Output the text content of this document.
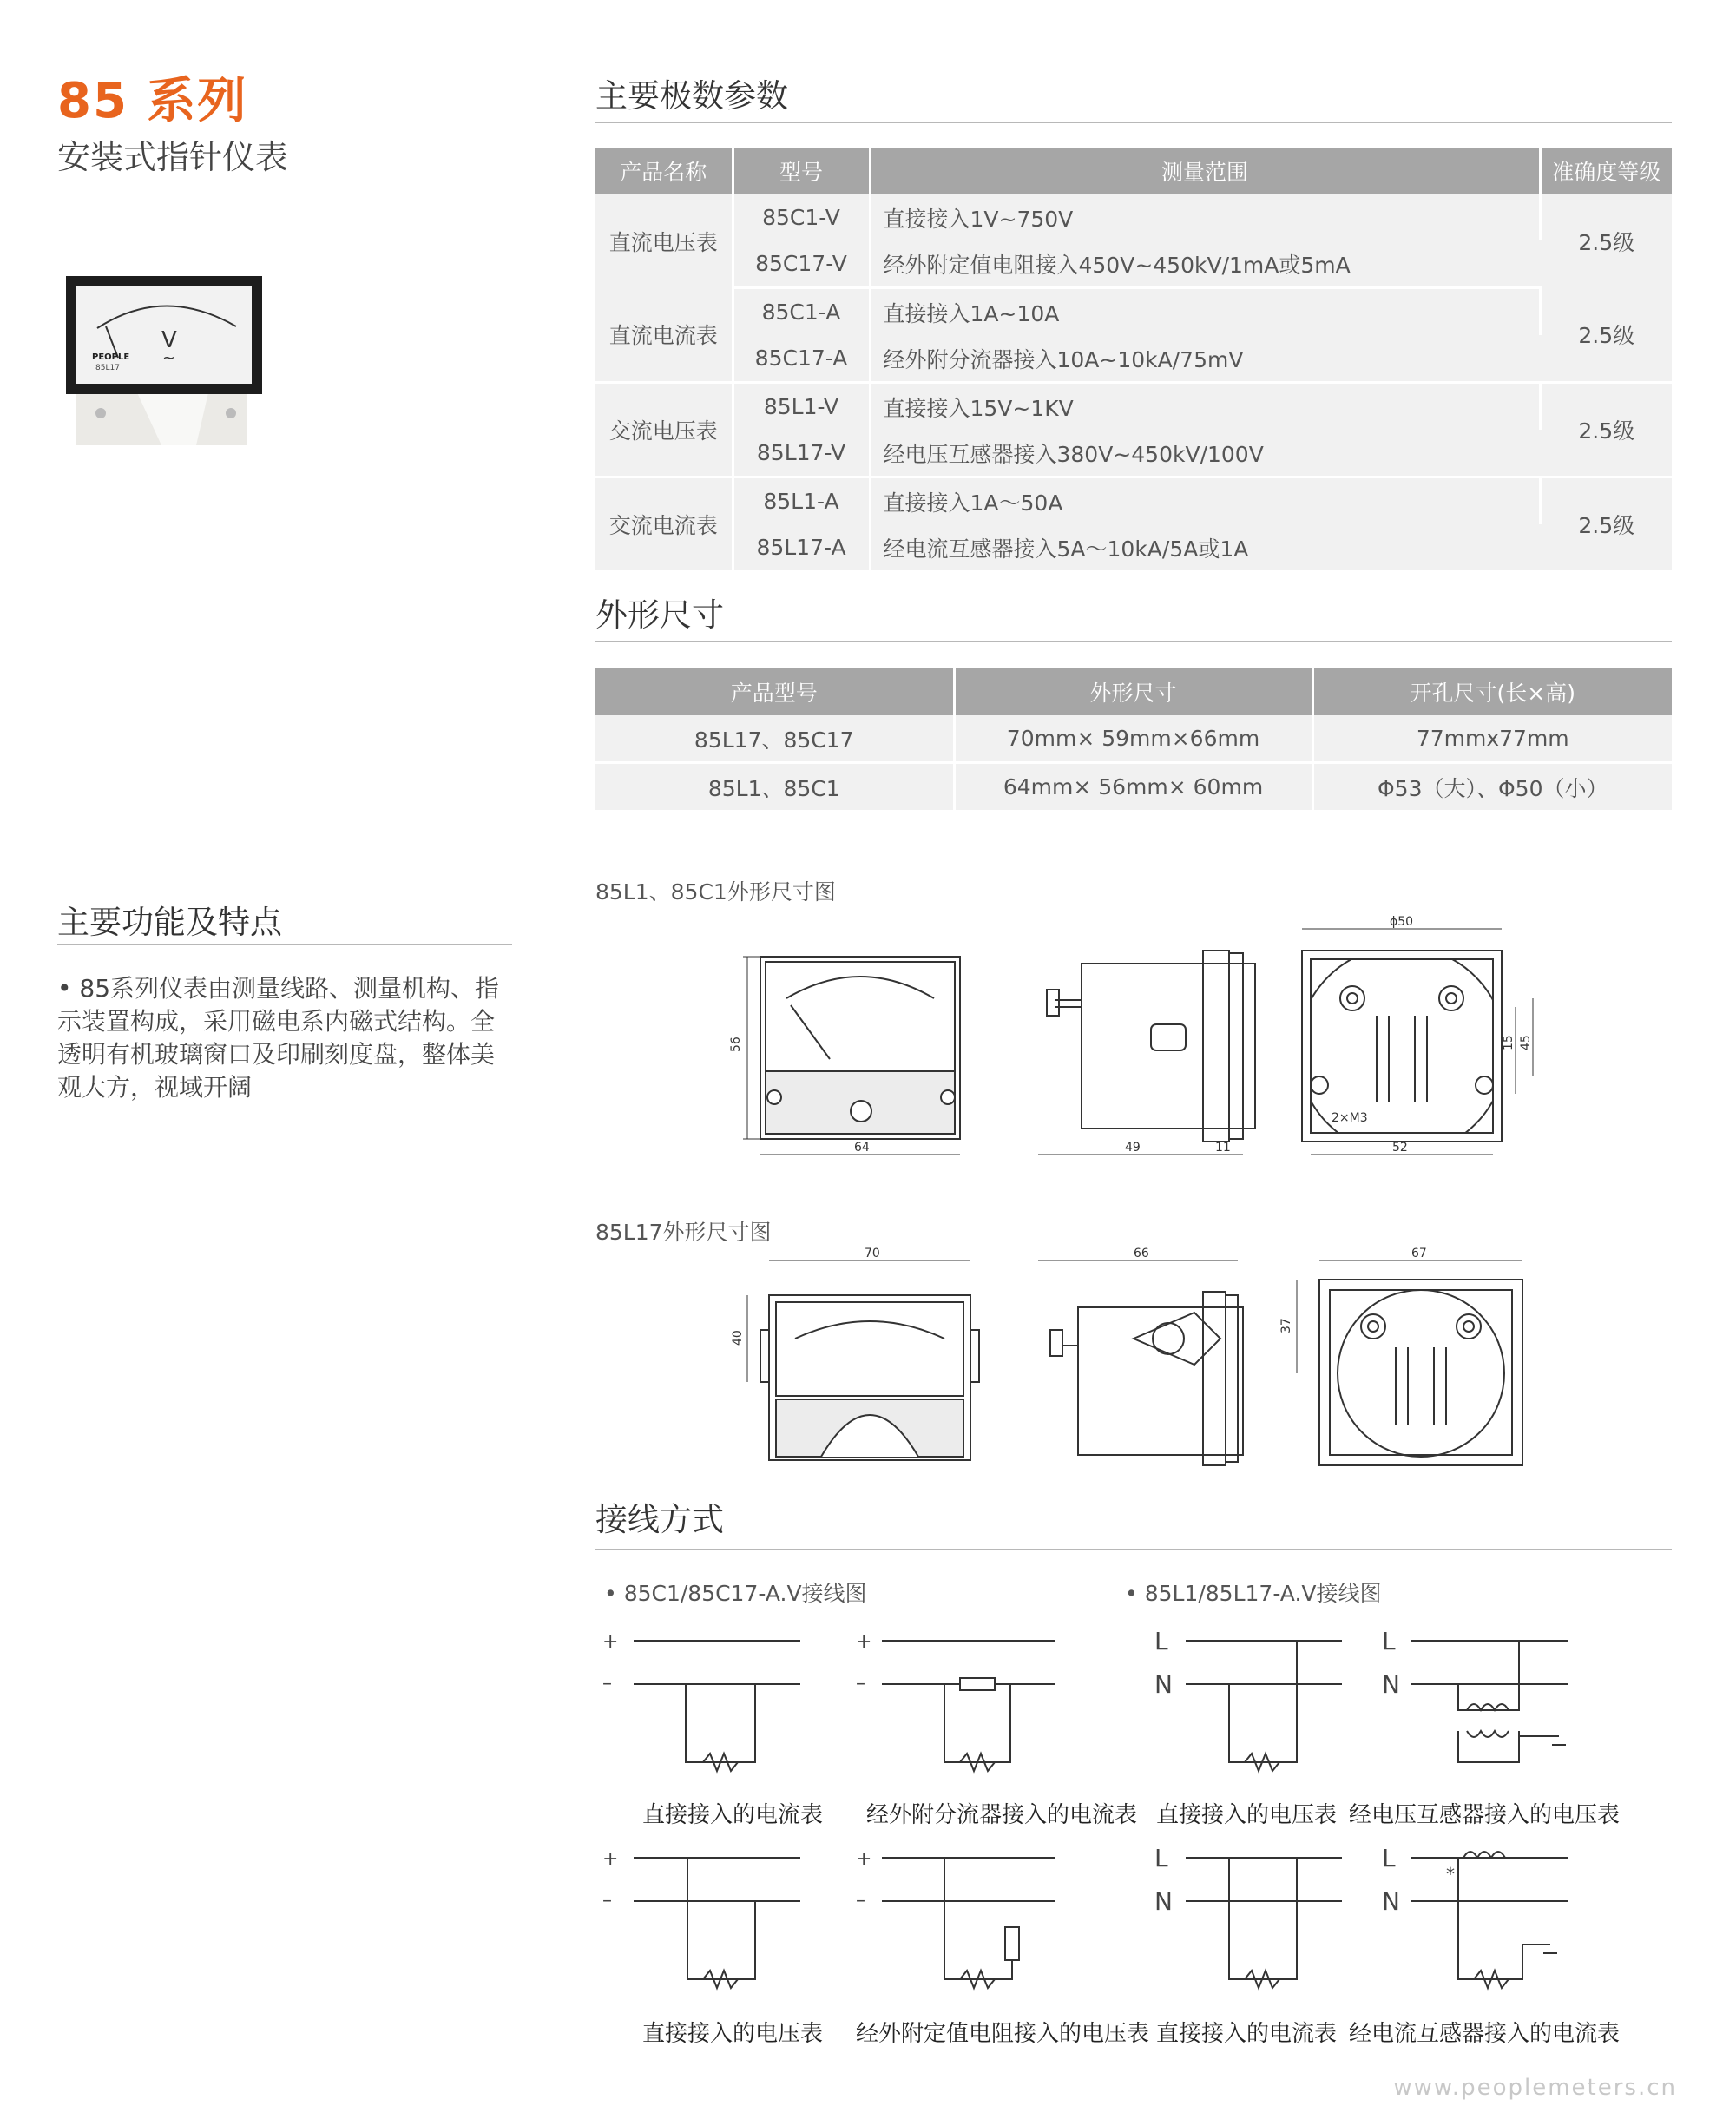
85 系列
安装式指针仪表
V
~
PEOPLE
85L17
主要功能及特点
• 85系列仪表由测量线路、测量机构、指示装置构成，采用磁电系内磁式结构。全透明有机玻璃窗口及印刷刻度盘，整体美观大方，视域开阔
主要极数参数
产品名称	型号	测量范围	准确度等级
直流电压表	85C1-V	直接接入1V~750V	2.5级
	85C17-V	经外附定值电阻接入450V~450kV/1mA或5mA	
直流电流表	85C1-A	直接接入1A~10A	2.5级
	85C17-A	经外附分流器接入10A~10kA/75mV	
交流电压表	85L1-V	直接接入15V~1KV	2.5级
	85L17-V	经电压互感器接入380V~450kV/100V	
交流电流表	85L1-A	直接接入1A～50A	2.5级
	85L17-A	经电流互感器接入5A～10kA/5A或1A	
外形尺寸
产品型号	外形尺寸	开孔尺寸(长×高)
85L17、85C17	70mm× 59mm×66mm	77mmx77mm
85L1、85C1	64mm× 56mm× 60mm	Φ53（大）、Φ50（小）
85L1、85C1外形尺寸图
56
64	49	11
ϕ50
52
15 45
2×M3
85L17外形尺寸图
70
40
66	67
37
接线方式
• 85C1/85C17-A.V接线图	• 85L1/85L17-A.V接线图
+
–
+
–
L
N
L
N
+
–
+
–
L
N
L
N
*
直接接入的电流表 经外附分流器接入的电流表 直接接入的电压表 经电压互感器接入的电压表
直接接入的电压表 经外附定值电阻接入的电压表 直接接入的电流表 经电流互感器接入的电流表
www.peoplemeters.cn
